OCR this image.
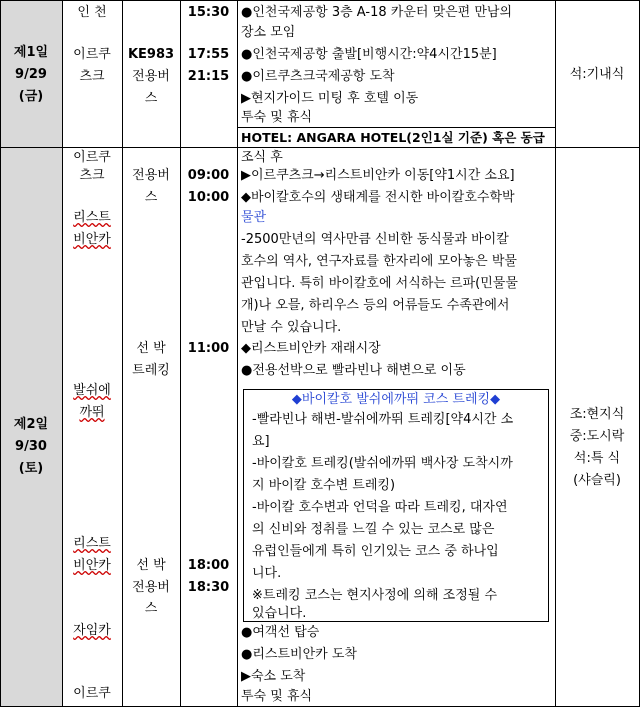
제1일
9/29
(금)
인 천
이르쿠
츠크
KE983
전용버
스
15:30
17:55
21:15
●인천국제공항 3층 A-18 카운터 맞은편 만남의
장소 모임
●인천국제공항 출발[비행시간:약4시간15분]
●이르쿠츠크국제공항 도착
▶현지가이드 미팅 후 호텔 이동
투숙 및 휴식
HOTEL: ANGARA HOTEL(2인1실 기준) 혹은 동급
석:기내식
제2일
9/30
(토)
이르쿠
츠크
리스트
비안카
발쉬에
까뛰
리스트
비안카
자임카
이르쿠
전용버
스
선 박
트레킹
선 박
전용버
스
09:00
10:00
11:00
18:00
18:30
조식 후
▶이르쿠츠크→리스트비안카 이동[약1시간 소요]
◆바이칼호수의 생태계를 전시한 바이칼호수학박
물관
-2500만년의 역사만큼 신비한 동식물과 바이칼
호수의 역사, 연구자료를 한자리에 모아놓은 박물
관입니다. 특히 바이칼호에 서식하는 르파(민물물
개)나 오믈, 하리우스 등의 어류들도 수족관에서
만날 수 있습니다.
◆리스트비안카 재래시장
●전용선박으로 빨라빈나 해변으로 이동
◆바이칼호 발쉬에까뛰 코스 트레킹◆
-빨라빈나 해변-발쉬에까뛰 트레킹[약4시간 소
요]
-바이칼호 트레킹(발쉬에까뛰 백사장 도착시까
지 바이칼 호수변 트레킹)
-바이칼 호수변과 언덕을 따라 트레킹, 대자연
의 신비와 정취를 느낄 수 있는 코스로 많은
유럽인들에게 특히 인기있는 코스 중 하나입
니다.
※트레킹 코스는 현지사정에 의해 조정될 수
있습니다.
●여객선 탑승
●리스트비안카 도착
▶숙소 도착
투숙 및 휴식
조:현지식
중:도시락
석:특 식
(샤슬릭)
